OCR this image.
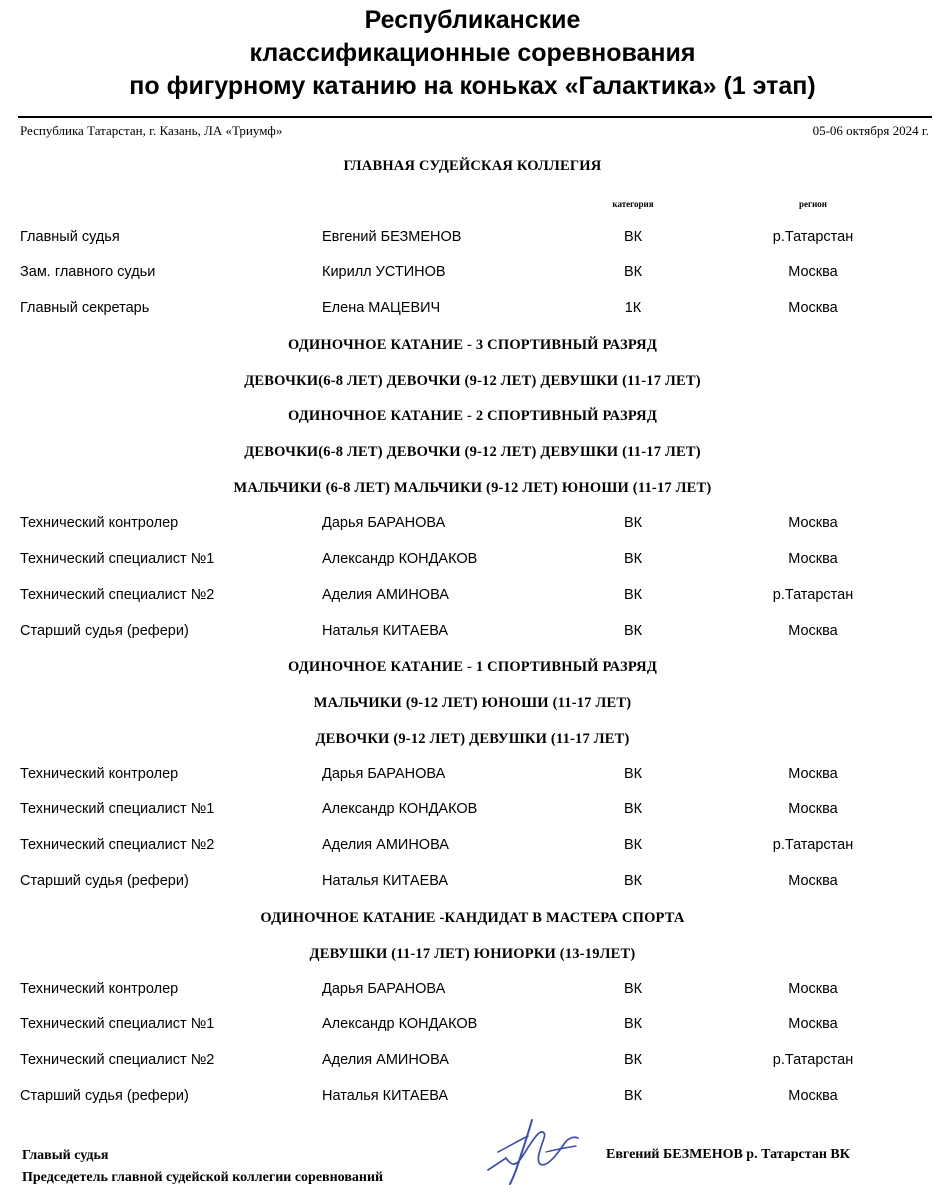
Республиканские
классификационные соревнования
по фигурному катанию на коньках «Галактика» (1 этап)
Республика Татарстан, г. Казань, ЛА «Триумф»	05-06 октября 2024 г.
ГЛАВНАЯ СУДЕЙСКАЯ КОЛЛЕГИЯ
категория	регион
Главный судья	Евгений БЕЗМЕНОВ	ВК	р.Татарстан
Зам. главного судьи	Кирилл УСТИНОВ	ВК	Москва
Главный секретарь	Елена МАЦЕВИЧ	1К	Москва
ОДИНОЧНОЕ КАТАНИЕ - 3 СПОРТИВНЫЙ РАЗРЯД
ДЕВОЧКИ(6-8 ЛЕТ) ДЕВОЧКИ (9-12 ЛЕТ) ДЕВУШКИ (11-17 ЛЕТ)
ОДИНОЧНОЕ КАТАНИЕ - 2 СПОРТИВНЫЙ РАЗРЯД
ДЕВОЧКИ(6-8 ЛЕТ) ДЕВОЧКИ (9-12 ЛЕТ) ДЕВУШКИ (11-17 ЛЕТ)
МАЛЬЧИКИ (6-8 ЛЕТ) МАЛЬЧИКИ (9-12 ЛЕТ) ЮНОШИ (11-17 ЛЕТ)
Технический контролер	Дарья БАРАНОВА	ВК	Москва
Технический специалист №1	Александр КОНДАКОВ	ВК	Москва
Технический специалист №2	Аделия АМИНОВА	ВК	р.Татарстан
Старший судья (рефери)	Наталья КИТАЕВА	ВК	Москва
ОДИНОЧНОЕ КАТАНИЕ - 1 СПОРТИВНЫЙ РАЗРЯД
МАЛЬЧИКИ (9-12 ЛЕТ) ЮНОШИ (11-17 ЛЕТ)
ДЕВОЧКИ (9-12 ЛЕТ) ДЕВУШКИ (11-17 ЛЕТ)
Технический контролер	Дарья БАРАНОВА	ВК	Москва
Технический специалист №1	Александр КОНДАКОВ	ВК	Москва
Технический специалист №2	Аделия АМИНОВА	ВК	р.Татарстан
Старший судья (рефери)	Наталья КИТАЕВА	ВК	Москва
ОДИНОЧНОЕ КАТАНИЕ -КАНДИДАТ В МАСТЕРА СПОРТА
ДЕВУШКИ (11-17 ЛЕТ) ЮНИОРКИ (13-19ЛЕТ)
Технический контролер	Дарья БАРАНОВА	ВК	Москва
Технический специалист №1	Александр КОНДАКОВ	ВК	Москва
Технический специалист №2	Аделия АМИНОВА	ВК	р.Татарстан
Старший судья (рефери)	Наталья КИТАЕВА	ВК	Москва
Главый судья
Председетель главной судейской коллегии соревнований
Евгений БЕЗМЕНОВ р. Татарстан ВК
